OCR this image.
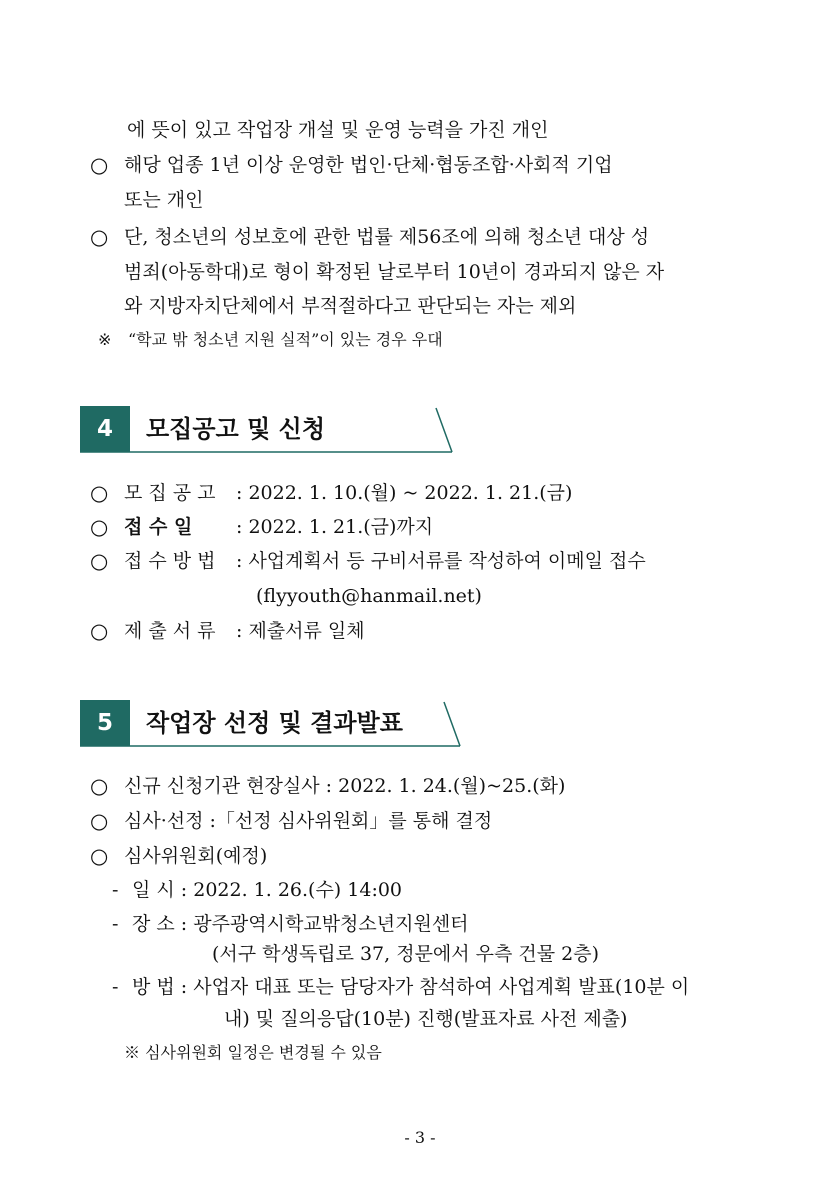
에 뜻이 있고 작업장 개설 및 운영 능력을 가진 개인
○ 해당 업종 1년 이상 운영한 법인·단체·협동조합·사회적 기업
또는 개인
○ 단, 청소년의 성보호에 관한 법률 제56조에 의해 청소년 대상 성
범죄(아동학대)로 형이 확정된 날로부터 10년이 경과되지 않은 자
와 지방자치단체에서 부적절하다고 판단되는 자는 제외
※ “학교 밖 청소년 지원 실적”이 있는 경우 우대
4	모집공고 및 신청
○ 모 집 공 고 : 2022. 1. 10.(월) ~ 2022. 1. 21.(금)
○ 접 수 일 : 2022. 1. 21.(금)까지
○ 접 수 방 법 : 사업계획서 등 구비서류를 작성하여 이메일 접수
(flyyouth@hanmail.net)
○ 제 출 서 류 : 제출서류 일체
5	작업장 선정 및 결과발표
○ 신규 신청기관 현장실사 : 2022. 1. 24.(월)~25.(화)
○ 심사·선정 :「선정 심사위원회」를 통해 결정
○ 심사위원회(예정)
- 일 시 : 2022. 1. 26.(수) 14:00
- 장 소 : 광주광역시학교밖청소년지원센터
(서구 학생독립로 37, 정문에서 우측 건물 2층)
- 방 법 : 사업자 대표 또는 담당자가 참석하여 사업계획 발표(10분 이
내) 및 질의응답(10분) 진행(발표자료 사전 제출)
※ 심사위원회 일정은 변경될 수 있음
- 3 -
